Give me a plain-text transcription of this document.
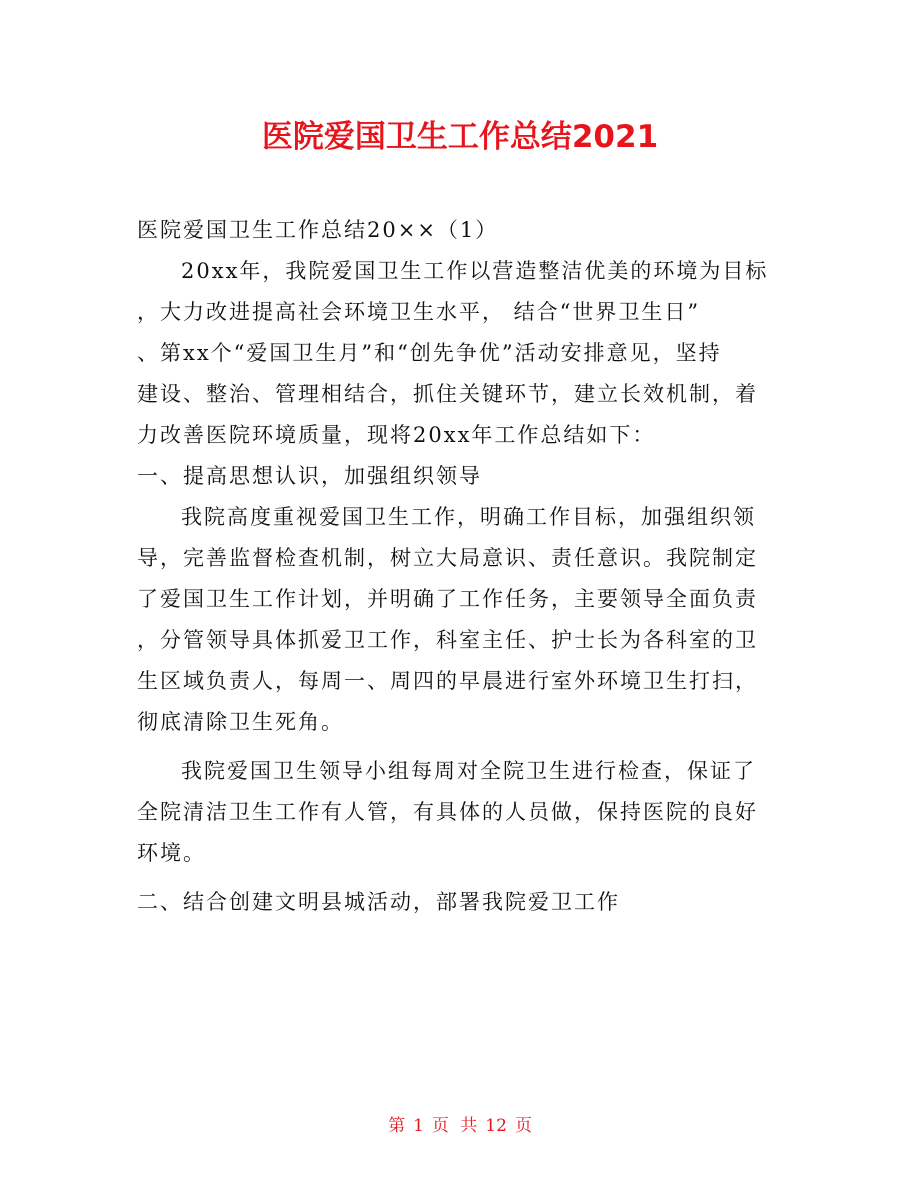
医院爱国卫生工作总结2021

医院爱国卫生工作总结20××（1）

20xx年，我院爱国卫生工作以营造整洁优美的环境为目标
，大力改进提高社会环境卫生水平， 结合“世界卫生日”
、第xx个“爱国卫生月”和“创先争优”活动安排意见，坚持
建设、整治、管理相结合，抓住关键环节，建立长效机制，着
力改善医院环境质量，现将20xx年工作总结如下：

一、提高思想认识，加强组织领导

我院高度重视爱国卫生工作，明确工作目标，加强组织领
导，完善监督检查机制，树立大局意识、责任意识。我院制定
了爱国卫生工作计划，并明确了工作任务，主要领导全面负责
，分管领导具体抓爱卫工作，科室主任、护士长为各科室的卫
生区域负责人，每周一、周四的早晨进行室外环境卫生打扫，
彻底清除卫生死角。

我院爱国卫生领导小组每周对全院卫生进行检查，保证了
全院清洁卫生工作有人管，有具体的人员做，保持医院的良好
环境。

二、结合创建文明县城活动，部署我院爱卫工作

第 1 页 共 12 页
